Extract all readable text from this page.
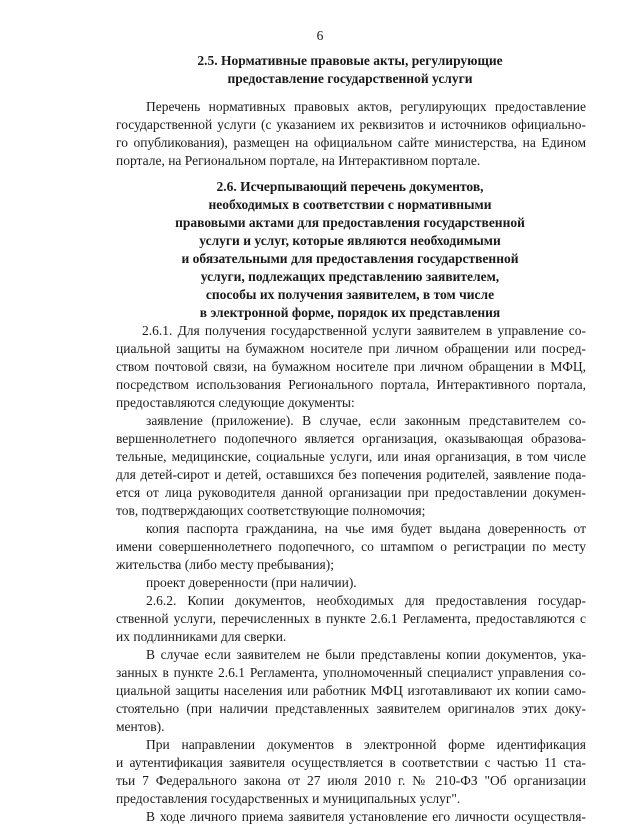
6
2.5. Нормативные правовые акты, регулирующие
предоставление государственной услуги
Перечень нормативных правовых актов, регулирующих предоставление
государственной услуги (с указанием их реквизитов и источников официально-
го опубликования), размещен на официальном сайте министерства, на Едином
портале, на Региональном портале, на Интерактивном портале.
2.6. Исчерпывающий перечень документов,
необходимых в соответствии с нормативными
правовыми актами для предоставления государственной
услуги и услуг, которые являются необходимыми
и обязательными для предоставления государственной
услуги, подлежащих представлению заявителем,
способы их получения заявителем, в том числе
в электронной форме, порядок их представления
2.6.1. Для получения государственной услуги заявителем в управление со-
циальной защиты на бумажном носителе при личном обращении или посред-
ством почтовой связи, на бумажном носителе при личном обращении в МФЦ,
посредством использования Регионального портала, Интерактивного портала,
предоставляются следующие документы:
заявление (приложение). В случае, если законным представителем со-
вершеннолетнего подопечного является организация, оказывающая образова-
тельные, медицинские, социальные услуги, или иная организация, в том числе
для детей-сирот и детей, оставшихся без попечения родителей, заявление пода-
ется от лица руководителя данной организации при предоставлении докумен-
тов, подтверждающих соответствующие полномочия;
копия паспорта гражданина, на чье имя будет выдана доверенность от
имени совершеннолетнего подопечного, со штампом о регистрации по месту
жительства (либо месту пребывания);
проект доверенности (при наличии).
2.6.2. Копии документов, необходимых для предоставления государ-
ственной услуги, перечисленных в пункте 2.6.1 Регламента, предоставляются с
их подлинниками для сверки.
В случае если заявителем не были представлены копии документов, ука-
занных в пункте 2.6.1 Регламента, уполномоченный специалист управления со-
циальной защиты населения или работник МФЦ изготавливают их копии само-
стоятельно (при наличии представленных заявителем оригиналов этих доку-
ментов).
При направлении документов в электронной форме идентификация
и аутентификация заявителя осуществляется в соответствии с частью 11 ста-
тьи 7 Федерального закона от 27 июля 2010 г. № 210-ФЗ "Об организации
предоставления государственных и муниципальных услуг".
В ходе личного приема заявителя установление его личности осуществля-
